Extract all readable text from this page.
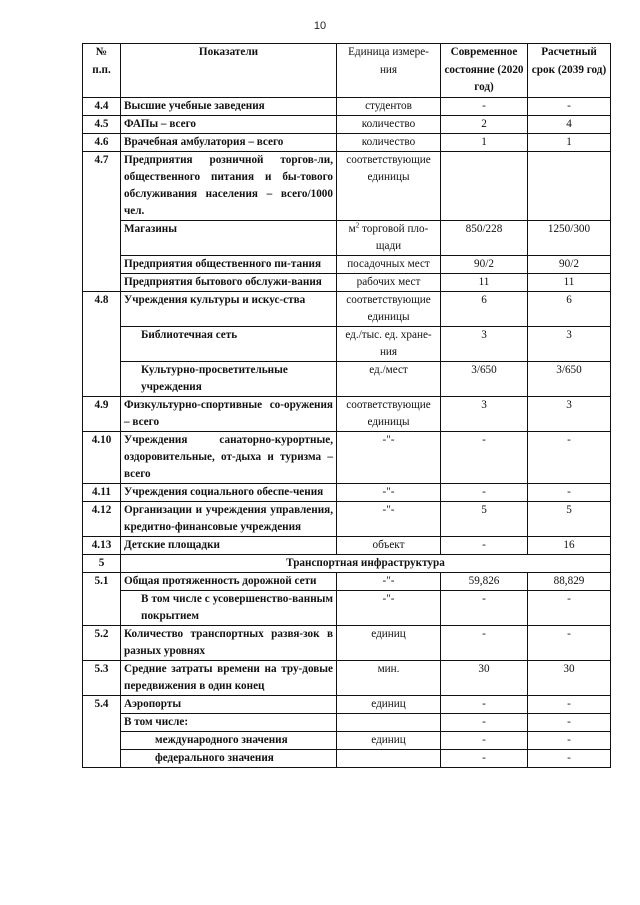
10
№ п.п.	Показатели	Единица измере-ния	Современное состояние (2020 год)	Расчетный срок (2039 год)
4.4	Высшие учебные заведения	студентов	-	-
4.5	ФАПы – всего	количество	2	4
4.6	Врачебная амбулатория – всего	количество	1	1
4.7	Предприятия розничной торгов-ли, общественного питания и бы-тового обслуживания населения – всего/1000 чел.	соответствующие единицы		
	Магазины	$м^2$ торговой пло-щади	850/228	1250/300
	Предприятия общественного пи-тания	посадочных мест	90/2	90/2
	Предприятия бытового обслужи-вания	рабочих мест	11	11
4.8	Учреждения культуры и искус-ства	соответствующие единицы	6	6
	Библиотечная сеть	ед./тыс. ед. хране-ния	3	3
	Культурно-просветительные учреждения	ед./мест	3/650	3/650
4.9	Физкультурно-спортивные со-оружения – всего	соответствующие единицы	3	3
4.10	Учреждения санаторно-курортные, оздоровительные, от-дыха и туризма – всего	-"-	-	-
4.11	Учреждения социального обеспе-чения	-"-	-	-
4.12	Организации и учреждения управления, кредитно-финансовые учреждения	-"-	5	5
4.13	Детские площадки	объект	-	16
5	Транспортная инфраструктура			
5.1	Общая протяженность дорожной сети	-"-	59,826	88,829
	В том числе с усовершенство-ванным покрытием	-"-	-	-
5.2	Количество транспортных развя-зок в разных уровнях	единиц	-	-
5.3	Средние затраты времени на тру-довые передвижения в один конец	мин.	30	30
5.4	Аэропорты	единиц	-	-
	В том числе:		-	-
	международного значения	единиц	-	-
	федерального значения		-	-
